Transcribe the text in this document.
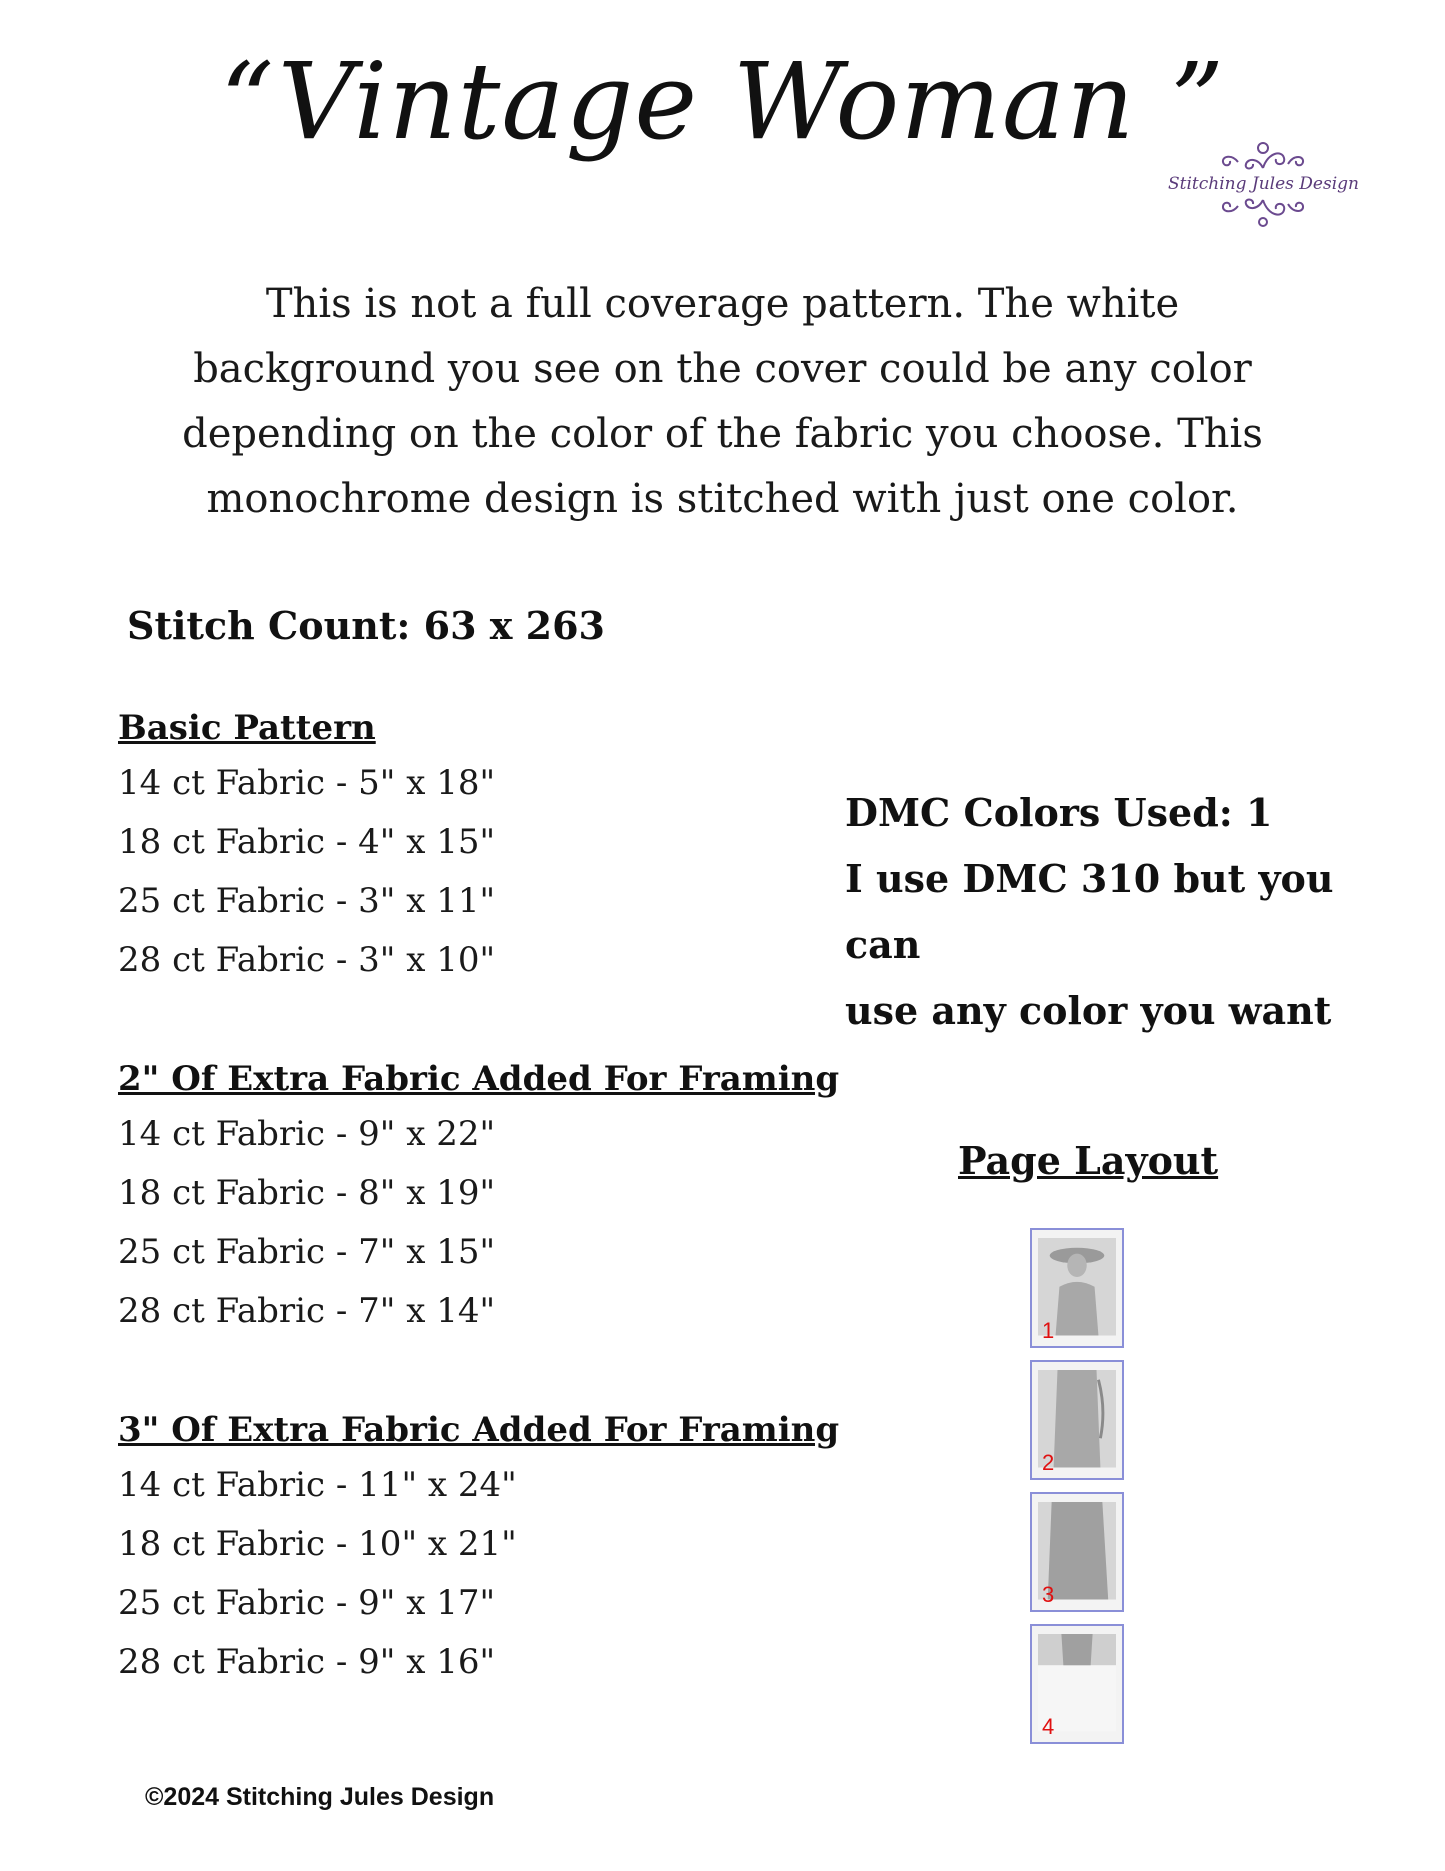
“Vintage Woman ”
Stitching Jules Design
This is not a full coverage pattern. The white background you see on the cover could be any color depending on the color of the fabric you choose. This monochrome design is stitched with just one color.
Stitch Count: 63 x 263
Basic Pattern
14 ct Fabric - 5" x 18"
18 ct Fabric - 4" x 15"
25 ct Fabric - 3" x 11"
28 ct Fabric - 3" x 10"
2" Of Extra Fabric Added For Framing
14 ct Fabric - 9" x 22"
18 ct Fabric - 8" x 19"
25 ct Fabric - 7" x 15"
28 ct Fabric - 7" x 14"
3" Of Extra Fabric Added For Framing
14 ct Fabric - 11" x 24"
18 ct Fabric - 10" x 21"
25 ct Fabric - 9" x 17"
28 ct Fabric - 9" x 16"
DMC Colors Used: 1
I use DMC 310 but you can
use any color you want
Page Layout
1
2
3
4
©2024 Stitching Jules Design
